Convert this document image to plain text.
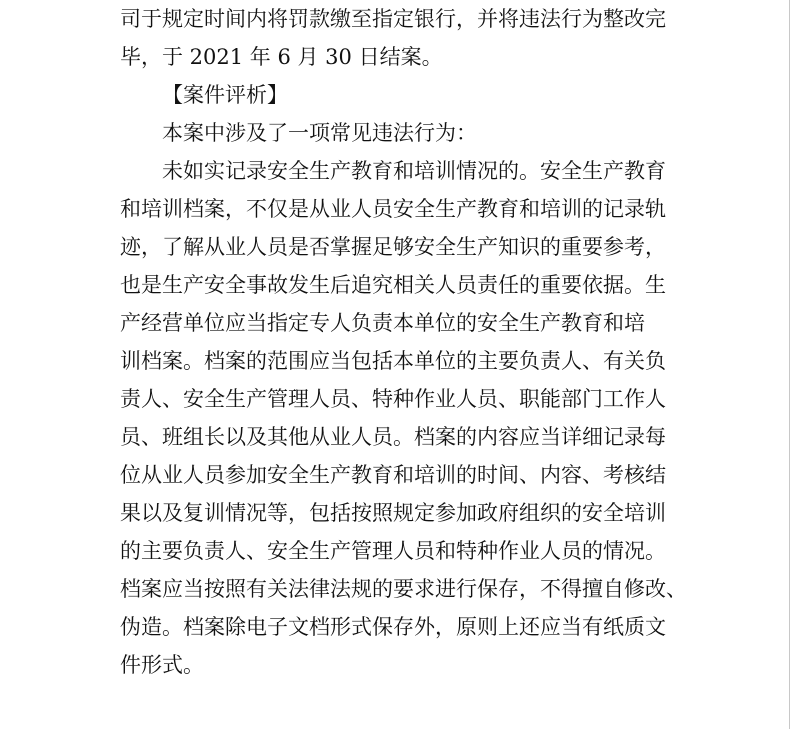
司于规定时间内将罚款缴至指定银行，并将违法行为整改完
毕，于 2021 年 6 月 30 日结案。
【案件评析】
本案中涉及了一项常见违法行为：
未如实记录安全生产教育和培训情况的。安全生产教育
和培训档案，不仅是从业人员安全生产教育和培训的记录轨
迹，了解从业人员是否掌握足够安全生产知识的重要参考，
也是生产安全事故发生后追究相关人员责任的重要依据。生
产经营单位应当指定专人负责本单位的安全生产教育和培
训档案。档案的范围应当包括本单位的主要负责人、有关负
责人、安全生产管理人员、特种作业人员、职能部门工作人
员、班组长以及其他从业人员。档案的内容应当详细记录每
位从业人员参加安全生产教育和培训的时间、内容、考核结
果以及复训情况等，包括按照规定参加政府组织的安全培训
的主要负责人、安全生产管理人员和特种作业人员的情况。
档案应当按照有关法律法规的要求进行保存，不得擅自修改、
伪造。档案除电子文档形式保存外，原则上还应当有纸质文
件形式。
